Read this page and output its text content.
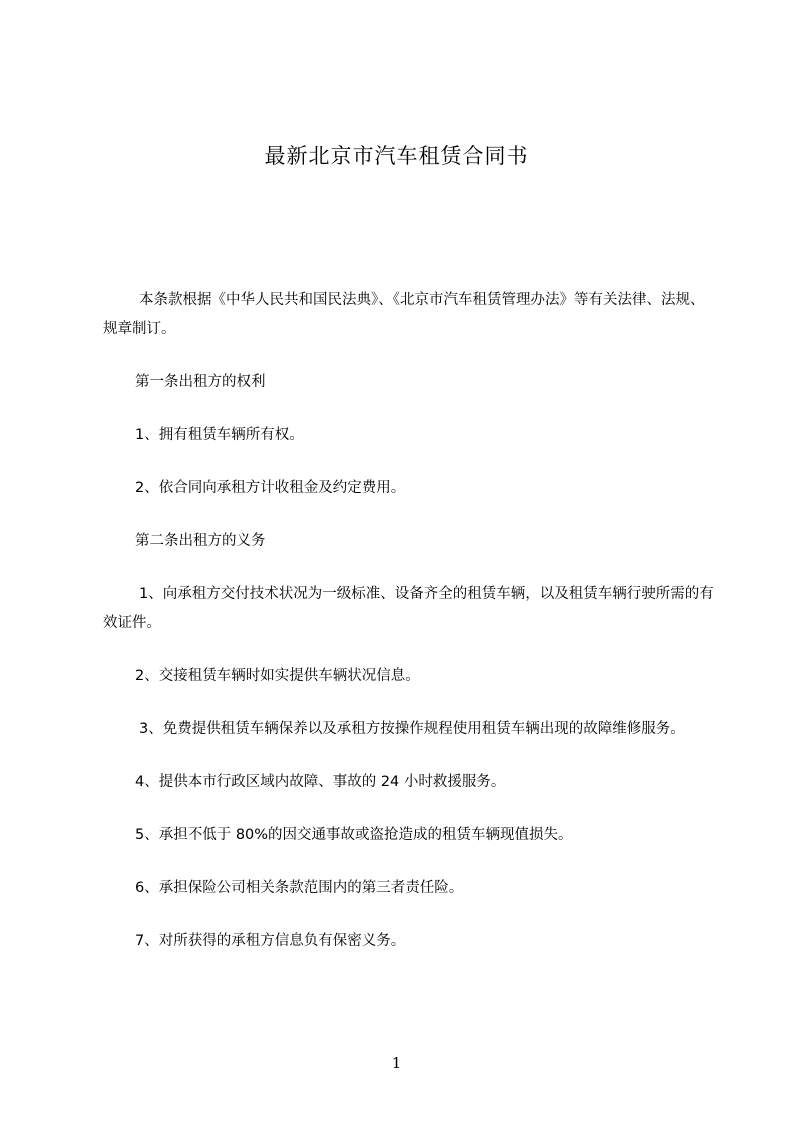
最新北京市汽车租赁合同书

本条款根据《中华人民共和国民法典》、《北京市汽车租赁管理办法》等有关法律、法规、规章制订。

第一条出租方的权利

1、拥有租赁车辆所有权。

2、依合同向承租方计收租金及约定费用。

第二条出租方的义务

1、向承租方交付技术状况为一级标准、设备齐全的租赁车辆，以及租赁车辆行驶所需的有效证件。

2、交接租赁车辆时如实提供车辆状况信息。

3、免费提供租赁车辆保养以及承租方按操作规程使用租赁车辆出现的故障维修服务。

4、提供本市行政区域内故障、事故的 24 小时救援服务。

5、承担不低于 80%的因交通事故或盗抢造成的租赁车辆现值损失。

6、承担保险公司相关条款范围内的第三者责任险。

7、对所获得的承租方信息负有保密义务。

1
